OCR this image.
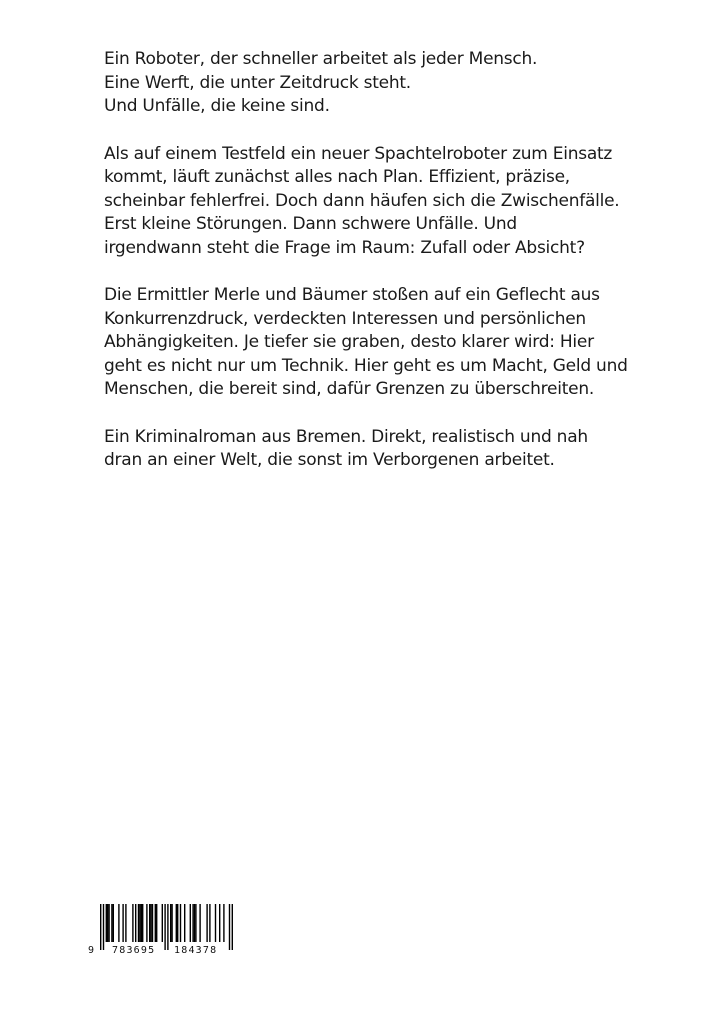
Ein Roboter, der schneller arbeitet als jeder Mensch.
Eine Werft, die unter Zeitdruck steht.
Und Unfälle, die keine sind.

Als auf einem Testfeld ein neuer Spachtelroboter zum Einsatz
kommt, läuft zunächst alles nach Plan. Effizient, präzise,
scheinbar fehlerfrei. Doch dann häufen sich die Zwischenfälle.
Erst kleine Störungen. Dann schwere Unfälle. Und
irgendwann steht die Frage im Raum: Zufall oder Absicht?

Die Ermittler Merle und Bäumer stoßen auf ein Geflecht aus
Konkurrenzdruck, verdeckten Interessen und persönlichen
Abhängigkeiten. Je tiefer sie graben, desto klarer wird: Hier
geht es nicht nur um Technik. Hier geht es um Macht, Geld und
Menschen, die bereit sind, dafür Grenzen zu überschreiten.

Ein Kriminalroman aus Bremen. Direkt, realistisch und nah
dran an einer Welt, die sonst im Verborgenen arbeitet.

9 783695 184378
